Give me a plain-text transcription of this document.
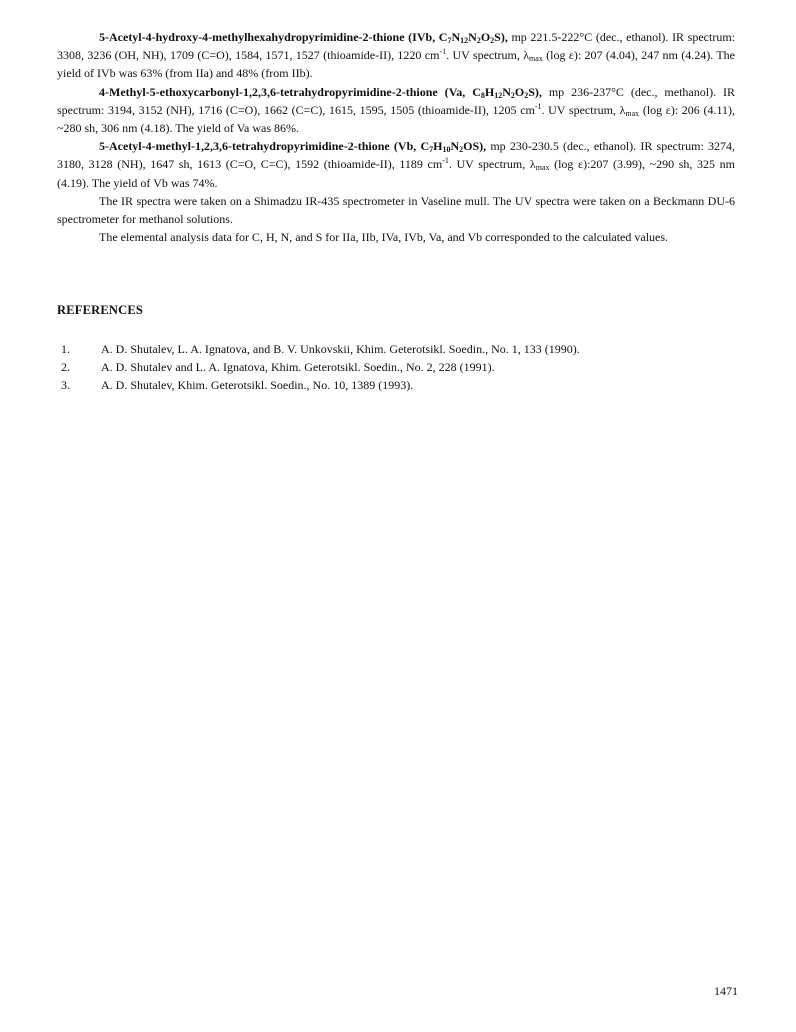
5-Acetyl-4-hydroxy-4-methylhexahydropyrimidine-2-thione (IVb, $C_7N_{12}N_2O_2S$), mp 221.5-222°C (dec., ethanol). IR spectrum: 3308, 3236 (OH, NH), 1709 (C=O), 1584, 1571, 1527 (thioamide-II), 1220 $cm^{-1}$. UV spectrum, $\lambda_{max}$ (log ε): 207 (4.04), 247 nm (4.24). The yield of IVb was 63% (from IIa) and 48% (from IIb).

4-Methyl-5-ethoxycarbonyl-1,2,3,6-tetrahydropyrimidine-2-thione (Va, $C_8H_{12}N_2O_2S$), mp 236-237°C (dec., methanol). IR spectrum: 3194, 3152 (NH), 1716 (C=O), 1662 (C=C), 1615, 1595, 1505 (thioamide-II), 1205 $cm^{-1}$. UV spectrum, $\lambda_{max}$ (log ε): 206 (4.11), ~280 sh, 306 nm (4.18). The yield of Va was 86%.

5-Acetyl-4-methyl-1,2,3,6-tetrahydropyrimidine-2-thione (Vb, $C_7H_{10}N_2OS$), mp 230-230.5 (dec., ethanol). IR spectrum: 3274, 3180, 3128 (NH), 1647 sh, 1613 (C=O, C=C), 1592 (thioamide-II), 1189 $cm^{-1}$. UV spectrum, $\lambda_{max}$ (log ε):207 (3.99), ~290 sh, 325 nm (4.19). The yield of Vb was 74%.

The IR spectra were taken on a Shimadzu IR-435 spectrometer in Vaseline mull. The UV spectra were taken on a Beckmann DU-6 spectrometer for methanol solutions.

The elemental analysis data for C, H, N, and S for IIa, IIb, IVa, IVb, Va, and Vb corresponded to the calculated values.

REFERENCES
1.	A. D. Shutalev, L. A. Ignatova, and B. V. Unkovskii, Khim. Geterotsikl. Soedin., No. 1, 133 (1990).
2.	A. D. Shutalev and L. A. Ignatova, Khim. Geterotsikl. Soedin., No. 2, 228 (1991).
3.	A. D. Shutalev, Khim. Geterotsikl. Soedin., No. 10, 1389 (1993).
1471
